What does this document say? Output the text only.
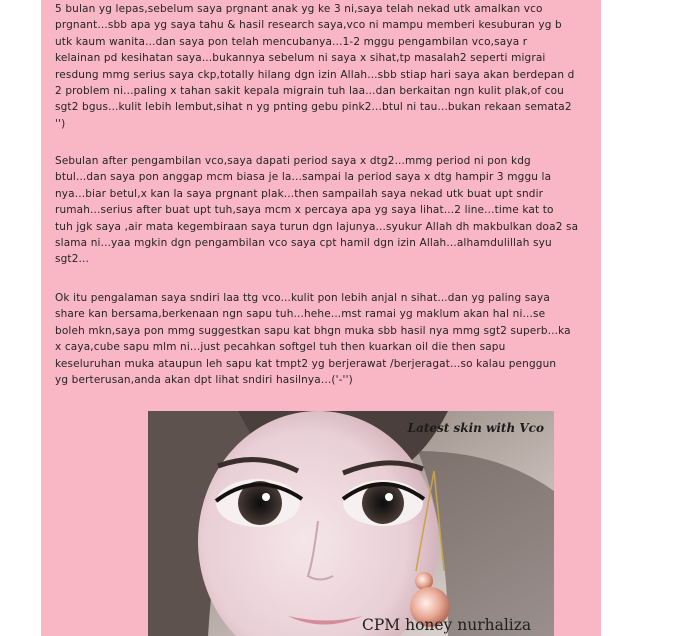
5 bulan yg lepas,sebelum saya prgnant anak yg ke 3 ni,saya telah nekad utk amalkan vco
prgnant...sbb apa yg saya tahu & hasil research saya,vco ni mampu memberi kesuburan yg b
utk kaum wanita...dan saya pon telah mencubanya...1-2 mggu pengambilan vco,saya r
kelainan pd kesihatan saya...bukannya sebelum ni saya x sihat,tp masalah2 seperti migrai
resdung mmg serius saya ckp,totally hilang dgn izin Allah...sbb stiap hari saya akan berdepan d
2 problem ni...paling x tahan sakit kepala migrain tuh laa...dan berkaitan ngn kulit plak,of cou
sgt2 bgus...kulit lebih lembut,sihat n yg pnting gebu pink2...btul ni tau...bukan rekaan semata2
'')
Sebulan after pengambilan vco,saya dapati period saya x dtg2...mmg period ni pon kdg
btul...dan saya pon anggap mcm biasa je la...sampai la period saya x dtg hampir 3 mggu la
nya...biar betul,x kan la saya prgnant plak...then sampailah saya nekad utk buat upt sndir
rumah...serius after buat upt tuh,saya mcm x percaya apa yg saya lihat...2 line...time kat to
tuh jgk saya ,air mata kegembiraan saya turun dgn lajunya...syukur Allah dh makbulkan doa2 sa
slama ni...yaa mgkin dgn pengambilan vco saya cpt hamil dgn izin Allah...alhamdulillah syu
sgt2...
Ok itu pengalaman saya sndiri laa ttg vco...kulit pon lebih anjal n sihat...dan yg paling saya
share kan bersama,berkenaan ngn sapu tuh...hehe...mst ramai yg maklum akan hal ni...se
boleh mkn,saya pon mmg suggestkan sapu kat bhgn muka sbb hasil nya mmg sgt2 superb...ka
x caya,cube sapu mlm ni...just pecahkan softgel tuh then kuarkan oil die then sapu
keseluruhan muka ataupun leh sapu kat tmpt2 yg berjerawat /berjeragat...so kalau penggun
yg berterusan,anda akan dpt lihat sndiri hasilnya...('-'')
Latest skin with Vco
CPM honey nurhaliza
